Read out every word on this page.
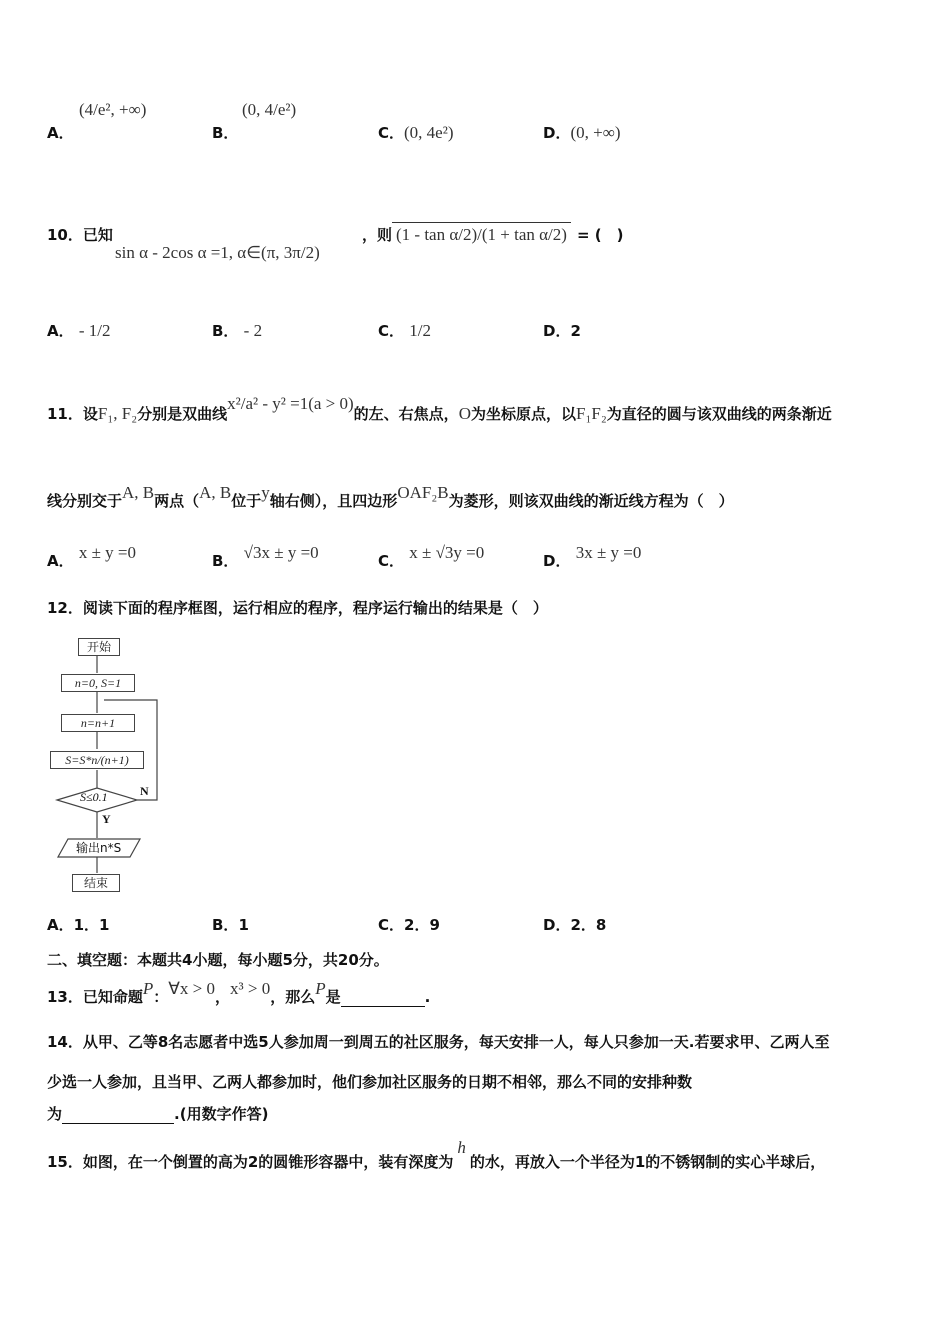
A．
(4/e², +∞)
B．
(0, 4/e²)
C．(0, 4e²)	D．(0, +∞)
10．已知
sin α - 2cos α =1, α∈(π, 3π/2)
，则 (1 - tan α/2)/(1 + tan α/2) = (　)
A． - 1/2	B． - 2	C． 1/2	D．2
11．设F₁, F₂分别是双曲线x²/a² - y² =1(a > 0)的左、右焦点，O为坐标原点，以F₁F₂为直径的圆与该双曲线的两条渐近
线分别交于A, B两点（A, B位于y轴右侧），且四边形OAF₂B为菱形，则该双曲线的渐近线方程为（　）
A． x ± y =0	B． √3x ± y =0	C． x ± √3y =0	D． 3x ± y =0
12．阅读下面的程序框图，运行相应的程序，程序运行输出的结果是（　）
开始
n=0, S=1
n=n+1
S=S*n/(n+1)
S≤0.1	N
Y
输出n*S
结束
A．1．1	B．1	C．2．9	D．2．8
二、填空题：本题共4小题，每小题5分，共20分。
13．已知命题P：∀x > 0，x³ > 0，那么P是	.
14．从甲、乙等8名志愿者中选5人参加周一到周五的社区服务，每天安排一人，每人只参加一天.若要求甲、乙两人至
少选一人参加，且当甲、乙两人都参加时，他们参加社区服务的日期不相邻，那么不同的安排种数
为	.(用数字作答)
15．如图，在一个倒置的高为2的圆锥形容器中，装有深度为h的水，再放入一个半径为1的不锈钢制的实心半球后，
